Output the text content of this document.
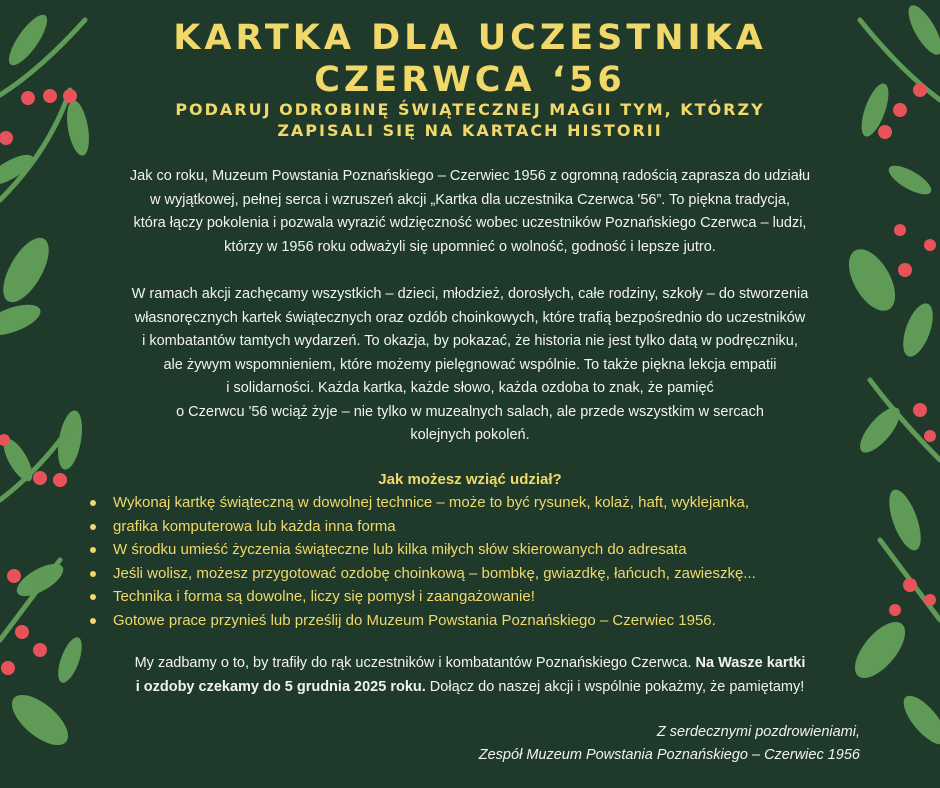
KARTKA DLA UCZESTNIKA
CZERWCA ‘56
PODARUJ ODROBINĘ ŚWIĄTECZNEJ MAGII TYM, KTÓRZY
ZAPISALI SIĘ NA KARTACH HISTORII

Jak co roku, Muzeum Powstania Poznańskiego – Czerwiec 1956 z ogromną radością zaprasza do udziału
w wyjątkowej, pełnej serca i wzruszeń akcji „Kartka dla uczestnika Czerwca '56”. To piękna tradycja,
która łączy pokolenia i pozwala wyrazić wdzięczność wobec uczestników Poznańskiego Czerwca – ludzi,
którzy w 1956 roku odważyli się upomnieć o wolność, godność i lepsze jutro.

W ramach akcji zachęcamy wszystkich – dzieci, młodzież, dorosłych, całe rodziny, szkoły – do stworzenia
własnoręcznych kartek świątecznych oraz ozdób choinkowych, które trafią bezpośrednio do uczestników
i kombatantów tamtych wydarzeń. To okazja, by pokazać, że historia nie jest tylko datą w podręczniku,
ale żywym wspomnieniem, które możemy pielęgnować wspólnie. To także piękna lekcja empatii
i solidarności. Każda kartka, każde słowo, każda ozdoba to znak, że pamięć
o Czerwcu '56 wciąż żyje – nie tylko w muzealnych salach, ale przede wszystkim w sercach
kolejnych pokoleń.

Jak możesz wziąć udział?
Wykonaj kartkę świąteczną w dowolnej technice – może to być rysunek, kolaż, haft, wyklejanka,
grafika komputerowa lub każda inna forma
W środku umieść życzenia świąteczne lub kilka miłych słów skierowanych do adresata
Jeśli wolisz, możesz przygotować ozdobę choinkową – bombkę, gwiazdkę, łańcuch, zawieszkę...
Technika i forma są dowolne, liczy się pomysł i zaangażowanie!
Gotowe prace przynieś lub prześlij do Muzeum Powstania Poznańskiego – Czerwiec 1956.

My zadbamy o to, by trafiły do rąk uczestników i kombatantów Poznańskiego Czerwca. Na Wasze kartki
i ozdoby czekamy do 5 grudnia 2025 roku. Dołącz do naszej akcji i wspólnie pokażmy, że pamiętamy!

Z serdecznymi pozdrowieniami,

Zespół Muzeum Powstania Poznańskiego – Czerwiec 1956
